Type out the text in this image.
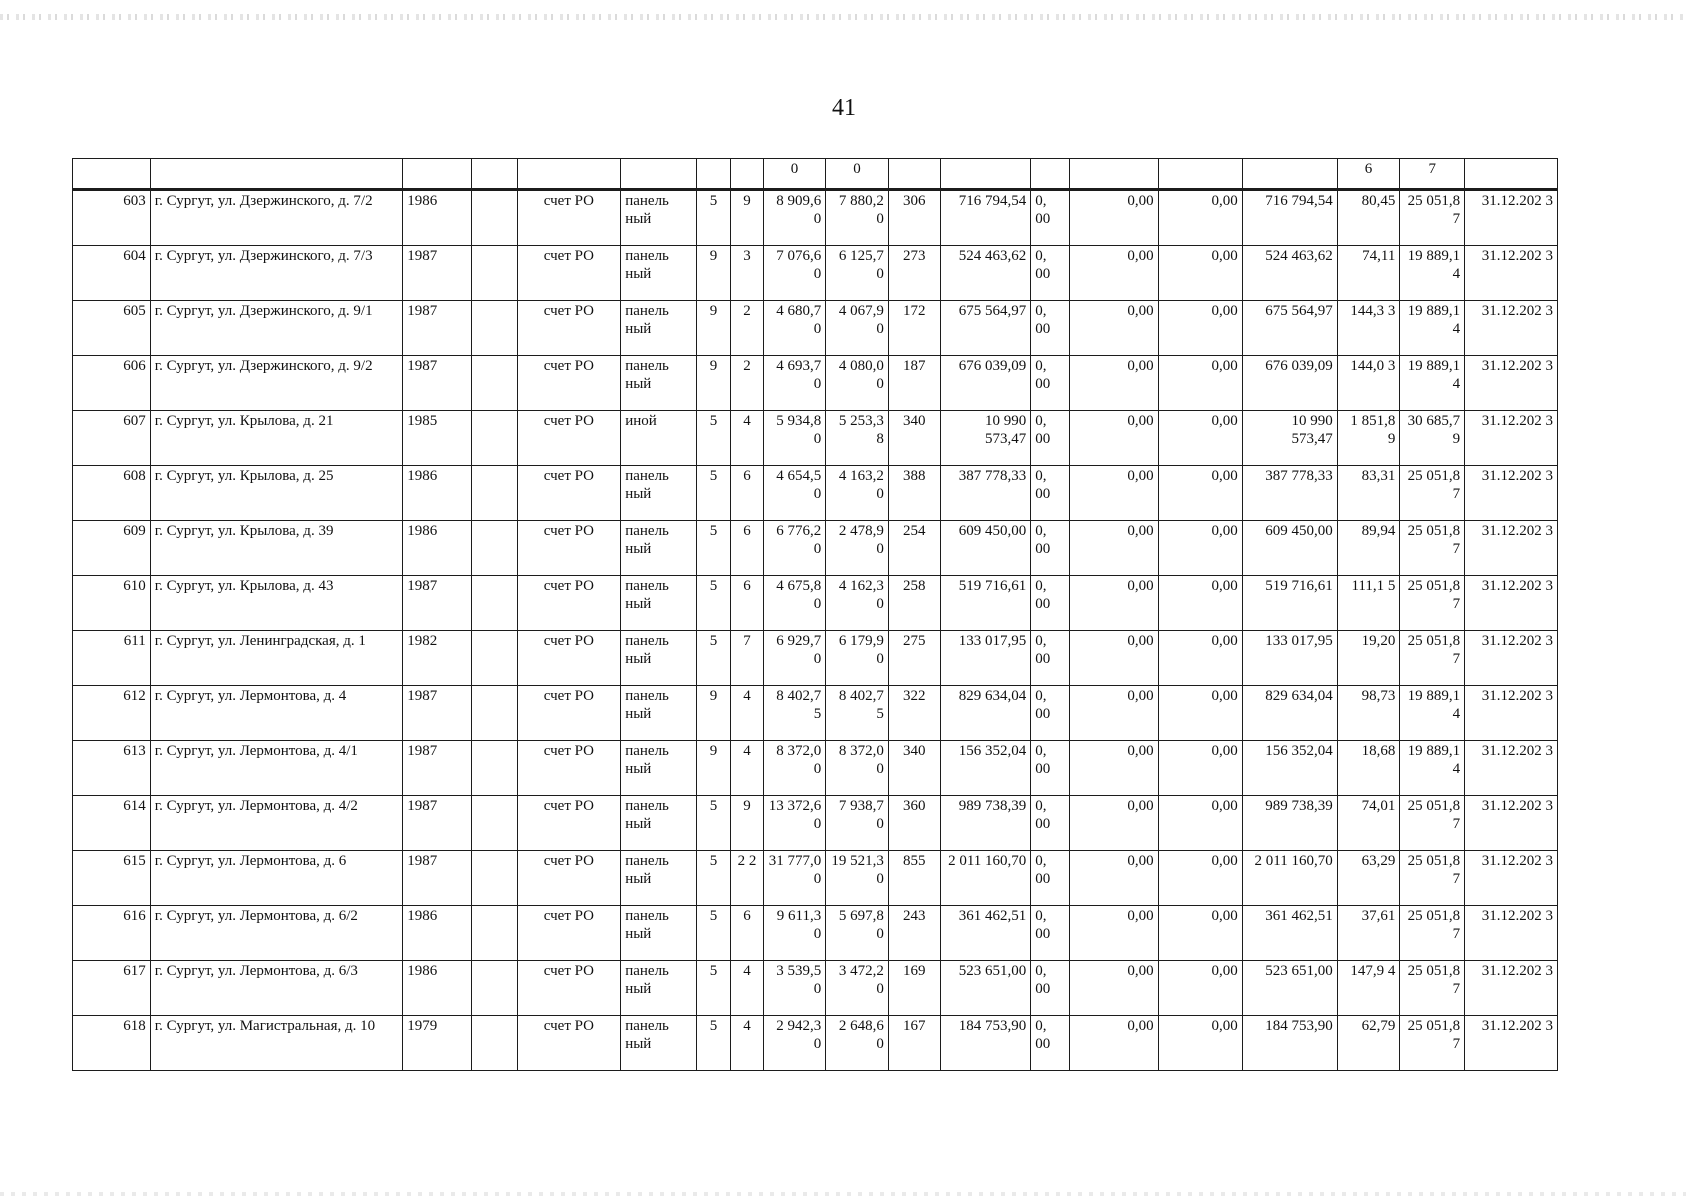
41
								0	0							6	7	
603	г. Сургут, ул. Дзержинского, д. 7/2	1986		счет РО	панель ный	5	9	8 909,6 0	7 880,2 0	306	716 794,54	0, 00	0,00	0,00	716 794,54	80,45	25 051,8 7	31.12.202 3
604	г. Сургут, ул. Дзержинского, д. 7/3	1987		счет РО	панель ный	9	3	7 076,6 0	6 125,7 0	273	524 463,62	0, 00	0,00	0,00	524 463,62	74,11	19 889,1 4	31.12.202 3
605	г. Сургут, ул. Дзержинского, д. 9/1	1987		счет РО	панель ный	9	2	4 680,7 0	4 067,9 0	172	675 564,97	0, 00	0,00	0,00	675 564,97	144,3 3	19 889,1 4	31.12.202 3
606	г. Сургут, ул. Дзержинского, д. 9/2	1987		счет РО	панель ный	9	2	4 693,7 0	4 080,0 0	187	676 039,09	0, 00	0,00	0,00	676 039,09	144,0 3	19 889,1 4	31.12.202 3
607	г. Сургут, ул. Крылова, д. 21	1985		счет РО	иной	5	4	5 934,8 0	5 253,3 8	340	10 990 573,47	0, 00	0,00	0,00	10 990 573,47	1 851,8 9	30 685,7 9	31.12.202 3
608	г. Сургут, ул. Крылова, д. 25	1986		счет РО	панель ный	5	6	4 654,5 0	4 163,2 0	388	387 778,33	0, 00	0,00	0,00	387 778,33	83,31	25 051,8 7	31.12.202 3
609	г. Сургут, ул. Крылова, д. 39	1986		счет РО	панель ный	5	6	6 776,2 0	2 478,9 0	254	609 450,00	0, 00	0,00	0,00	609 450,00	89,94	25 051,8 7	31.12.202 3
610	г. Сургут, ул. Крылова, д. 43	1987		счет РО	панель ный	5	6	4 675,8 0	4 162,3 0	258	519 716,61	0, 00	0,00	0,00	519 716,61	111,1 5	25 051,8 7	31.12.202 3
611	г. Сургут, ул. Ленинградская, д. 1	1982		счет РО	панель ный	5	7	6 929,7 0	6 179,9 0	275	133 017,95	0, 00	0,00	0,00	133 017,95	19,20	25 051,8 7	31.12.202 3
612	г. Сургут, ул. Лермонтова, д. 4	1987		счет РО	панель ный	9	4	8 402,7 5	8 402,7 5	322	829 634,04	0, 00	0,00	0,00	829 634,04	98,73	19 889,1 4	31.12.202 3
613	г. Сургут, ул. Лермонтова, д. 4/1	1987		счет РО	панель ный	9	4	8 372,0 0	8 372,0 0	340	156 352,04	0, 00	0,00	0,00	156 352,04	18,68	19 889,1 4	31.12.202 3
614	г. Сургут, ул. Лермонтова, д. 4/2	1987		счет РО	панель ный	5	9	13 372,6 0	7 938,7 0	360	989 738,39	0, 00	0,00	0,00	989 738,39	74,01	25 051,8 7	31.12.202 3
615	г. Сургут, ул. Лермонтова, д. 6	1987		счет РО	панель ный	5	2 2	31 777,0 0	19 521,3 0	855	2 011 160,70	0, 00	0,00	0,00	2 011 160,70	63,29	25 051,8 7	31.12.202 3
616	г. Сургут, ул. Лермонтова, д. 6/2	1986		счет РО	панель ный	5	6	9 611,3 0	5 697,8 0	243	361 462,51	0, 00	0,00	0,00	361 462,51	37,61	25 051,8 7	31.12.202 3
617	г. Сургут, ул. Лермонтова, д. 6/3	1986		счет РО	панель ный	5	4	3 539,5 0	3 472,2 0	169	523 651,00	0, 00	0,00	0,00	523 651,00	147,9 4	25 051,8 7	31.12.202 3
618	г. Сургут, ул. Магистральная, д. 10	1979		счет РО	панель ный	5	4	2 942,3 0	2 648,6 0	167	184 753,90	0, 00	0,00	0,00	184 753,90	62,79	25 051,8 7	31.12.202 3
